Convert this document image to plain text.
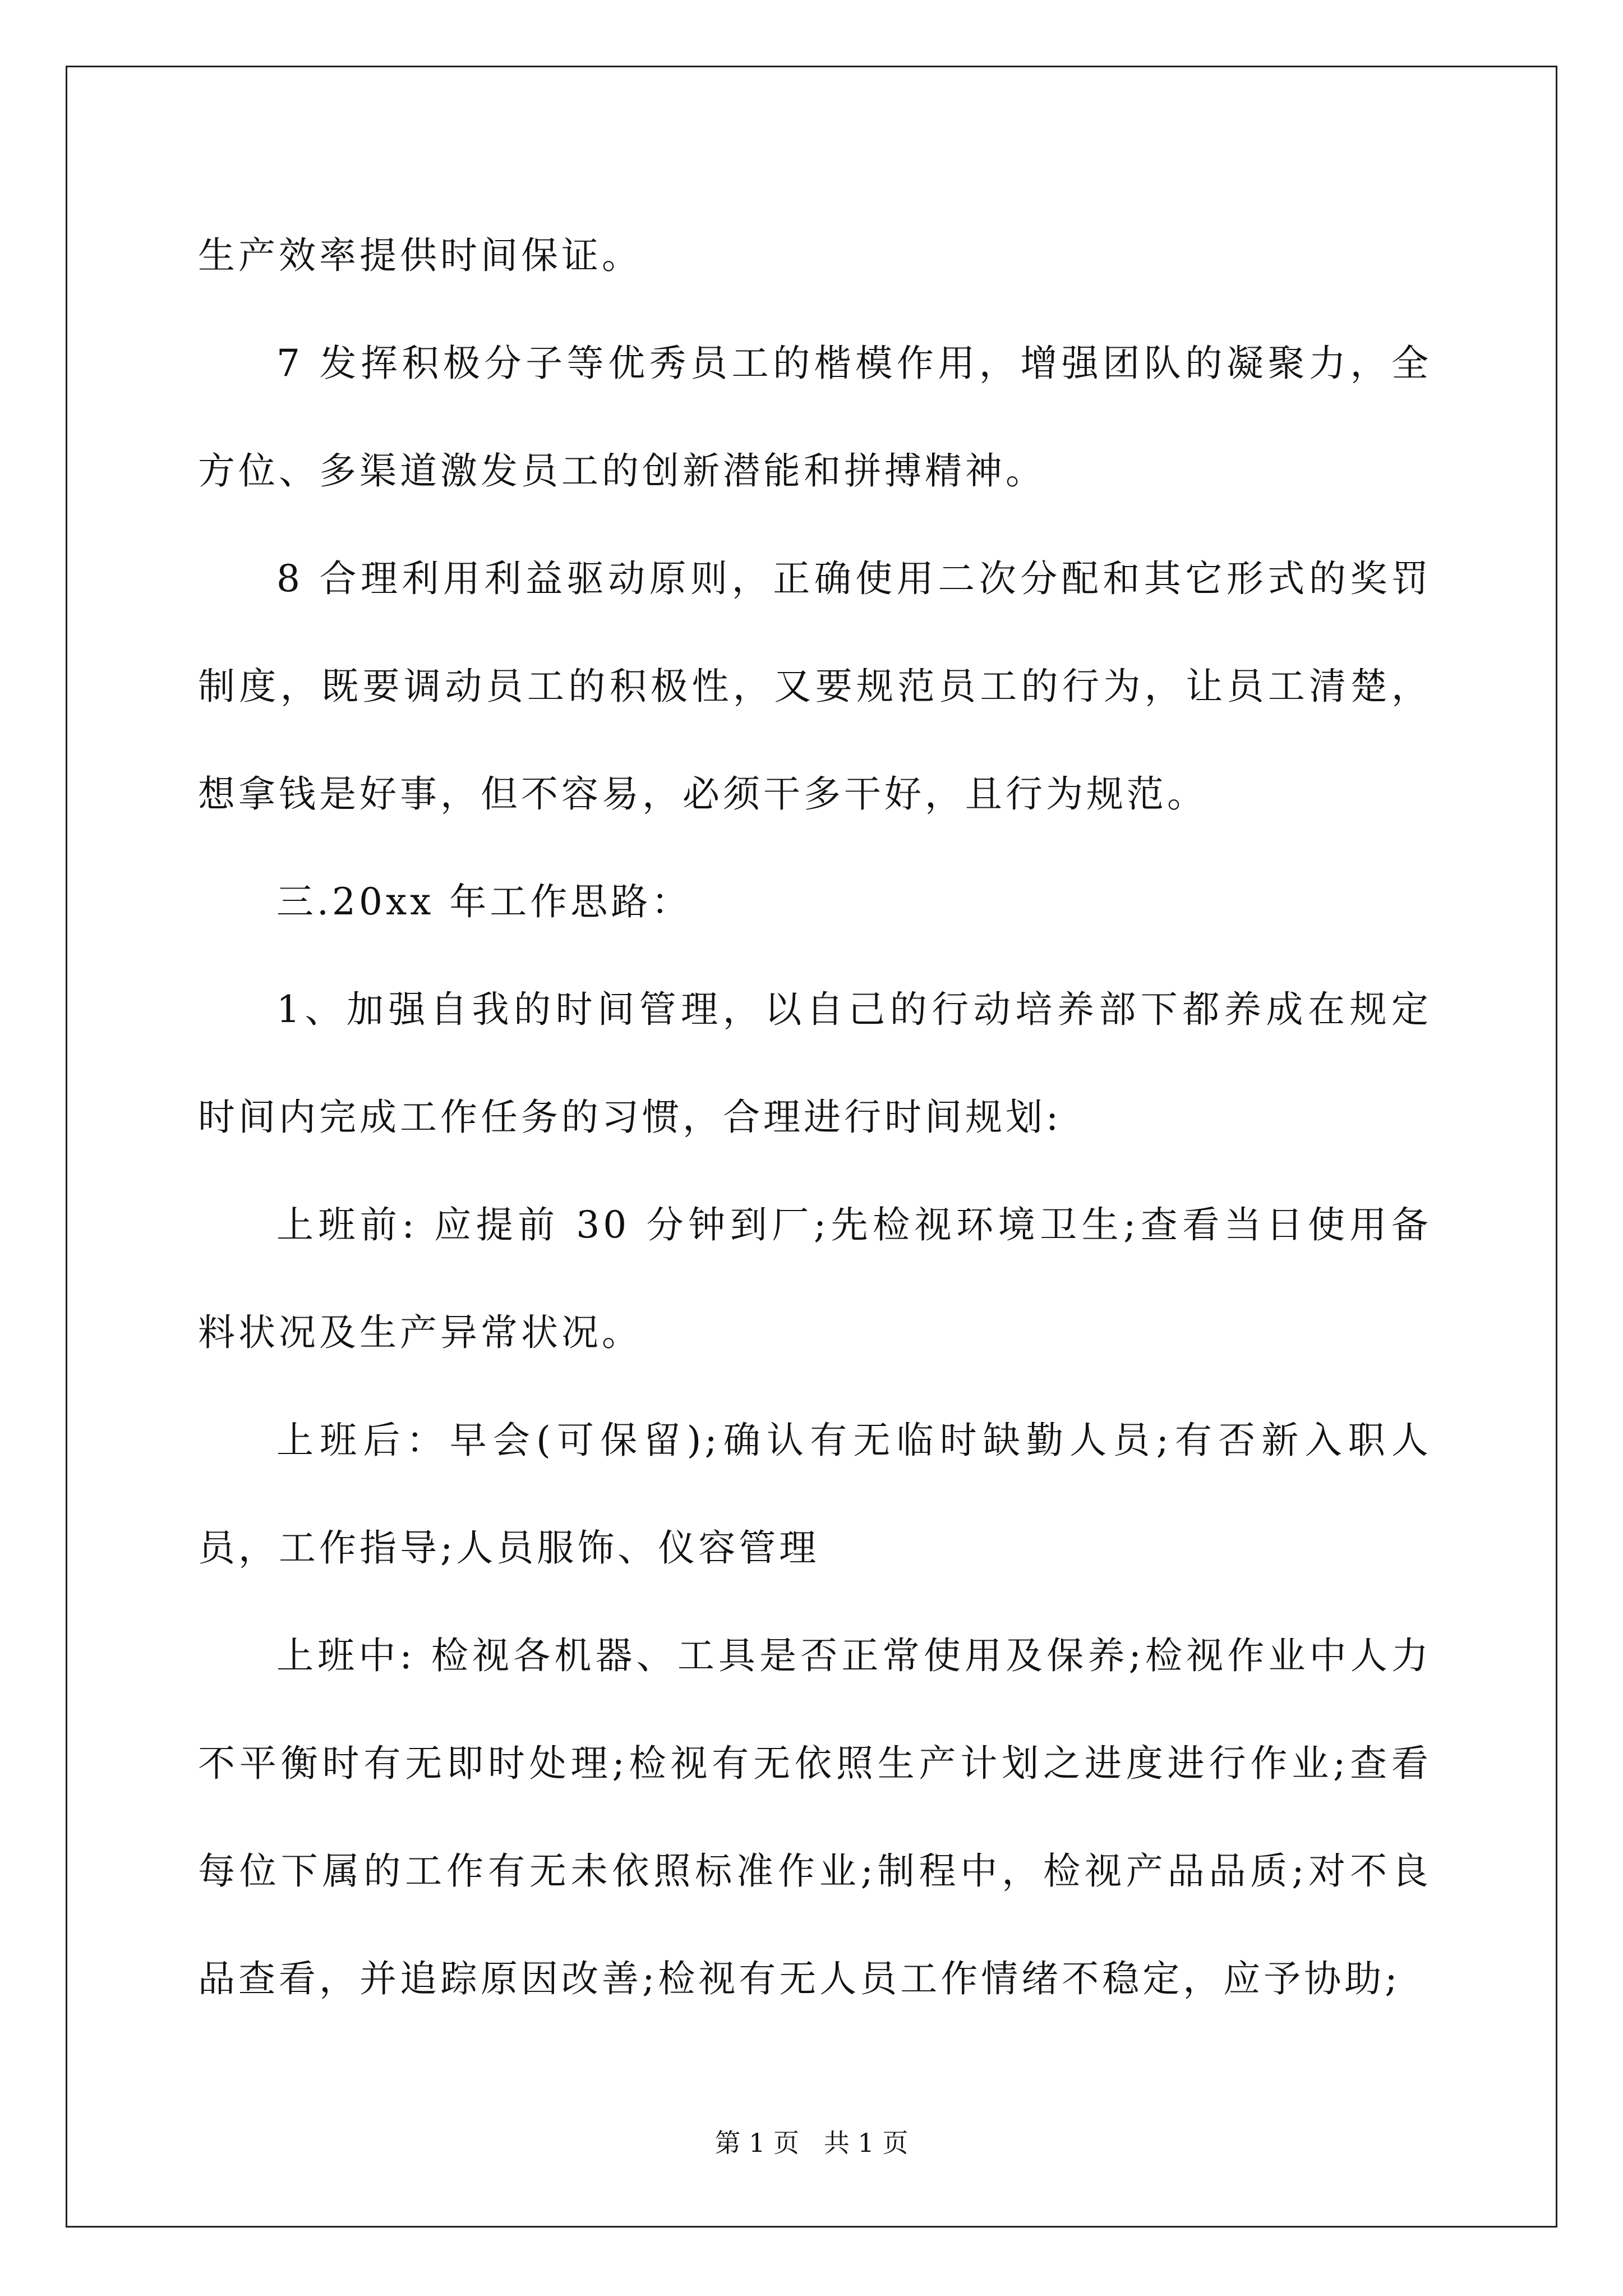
生产效率提供时间保证。

7 发挥积极分子等优秀员工的楷模作用，增强团队的凝聚力，全方位、多渠道激发员工的创新潜能和拼搏精神。

8 合理利用利益驱动原则，正确使用二次分配和其它形式的奖罚制度，既要调动员工的积极性，又要规范员工的行为，让员工清楚，想拿钱是好事，但不容易，必须干多干好，且行为规范。

三.20xx 年工作思路：

1、加强自我的时间管理，以自己的行动培养部下都养成在规定时间内完成工作任务的习惯，合理进行时间规划:

上班前: 应提前 30 分钟到厂;先检视环境卫生;查看当日使用备料状况及生产异常状况。

上班后：早会(可保留);确认有无临时缺勤人员;有否新入职人员，工作指导;人员服饰、仪容管理

上班中: 检视各机器、工具是否正常使用及保养;检视作业中人力不平衡时有无即时处理;检视有无依照生产计划之进度进行作业;查看每位下属的工作有无未依照标准作业;制程中，检视产品品质;对不良品查看，并追踪原因改善;检视有无人员工作情绪不稳定，应予协助;

第 1 页   共 1 页
